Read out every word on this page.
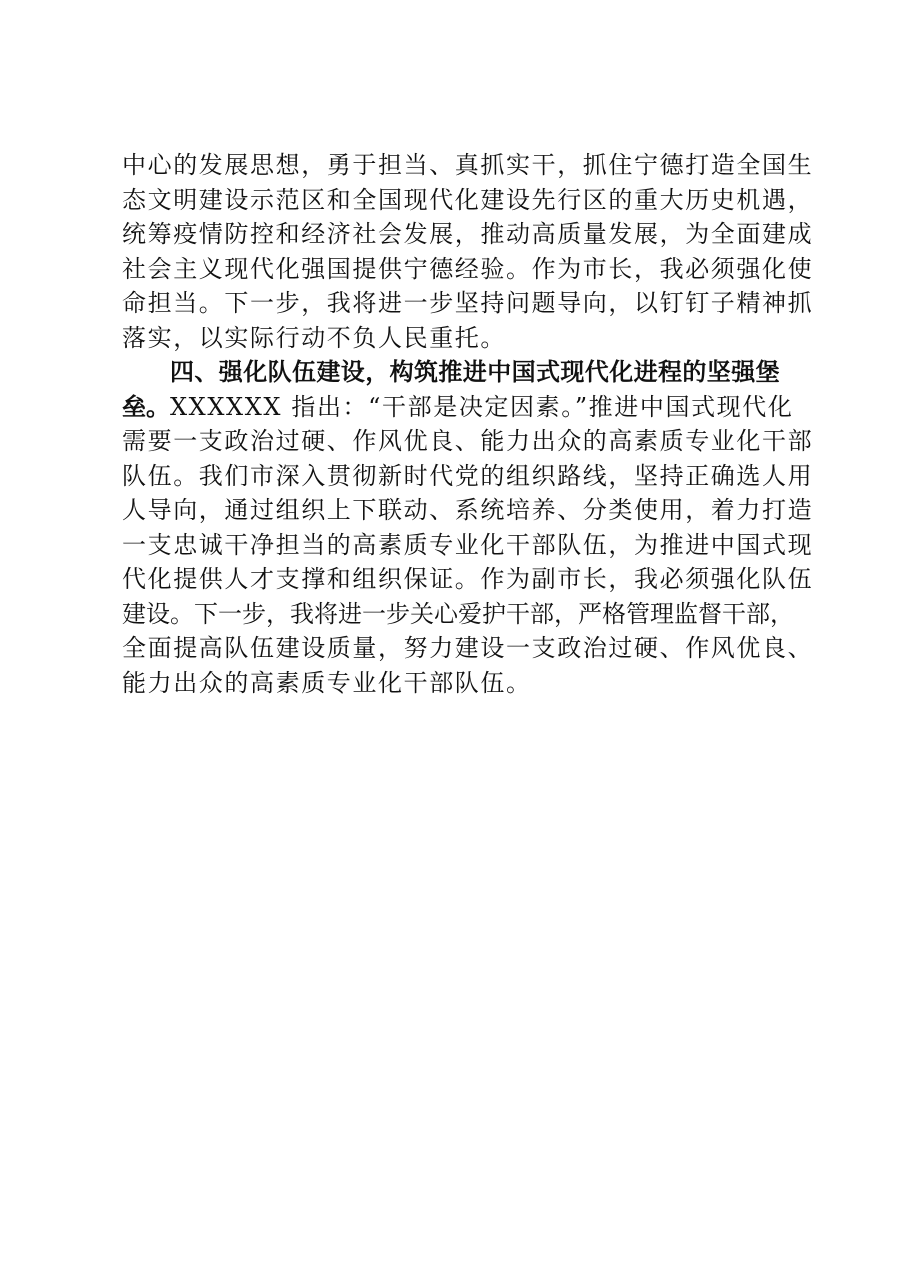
中心的发展思想，勇于担当、真抓实干，抓住宁德打造全国生
态文明建设示范区和全国现代化建设先行区的重大历史机遇，
统筹疫情防控和经济社会发展，推动高质量发展，为全面建成
社会主义现代化强国提供宁德经验。作为市长，我必须强化使
命担当。下一步，我将进一步坚持问题导向，以钉钉子精神抓
落实，以实际行动不负人民重托。
四、强化队伍建设，构筑推进中国式现代化进程的坚强堡
垒。XXXXXX 指出：“干部是决定因素。”推进中国式现代化
需要一支政治过硬、作风优良、能力出众的高素质专业化干部
队伍。我们市深入贯彻新时代党的组织路线，坚持正确选人用
人导向，通过组织上下联动、系统培养、分类使用，着力打造
一支忠诚干净担当的高素质专业化干部队伍，为推进中国式现
代化提供人才支撑和组织保证。作为副市长，我必须强化队伍
建设。下一步，我将进一步关心爱护干部，严格管理监督干部，
全面提高队伍建设质量，努力建设一支政治过硬、作风优良、
能力出众的高素质专业化干部队伍。
